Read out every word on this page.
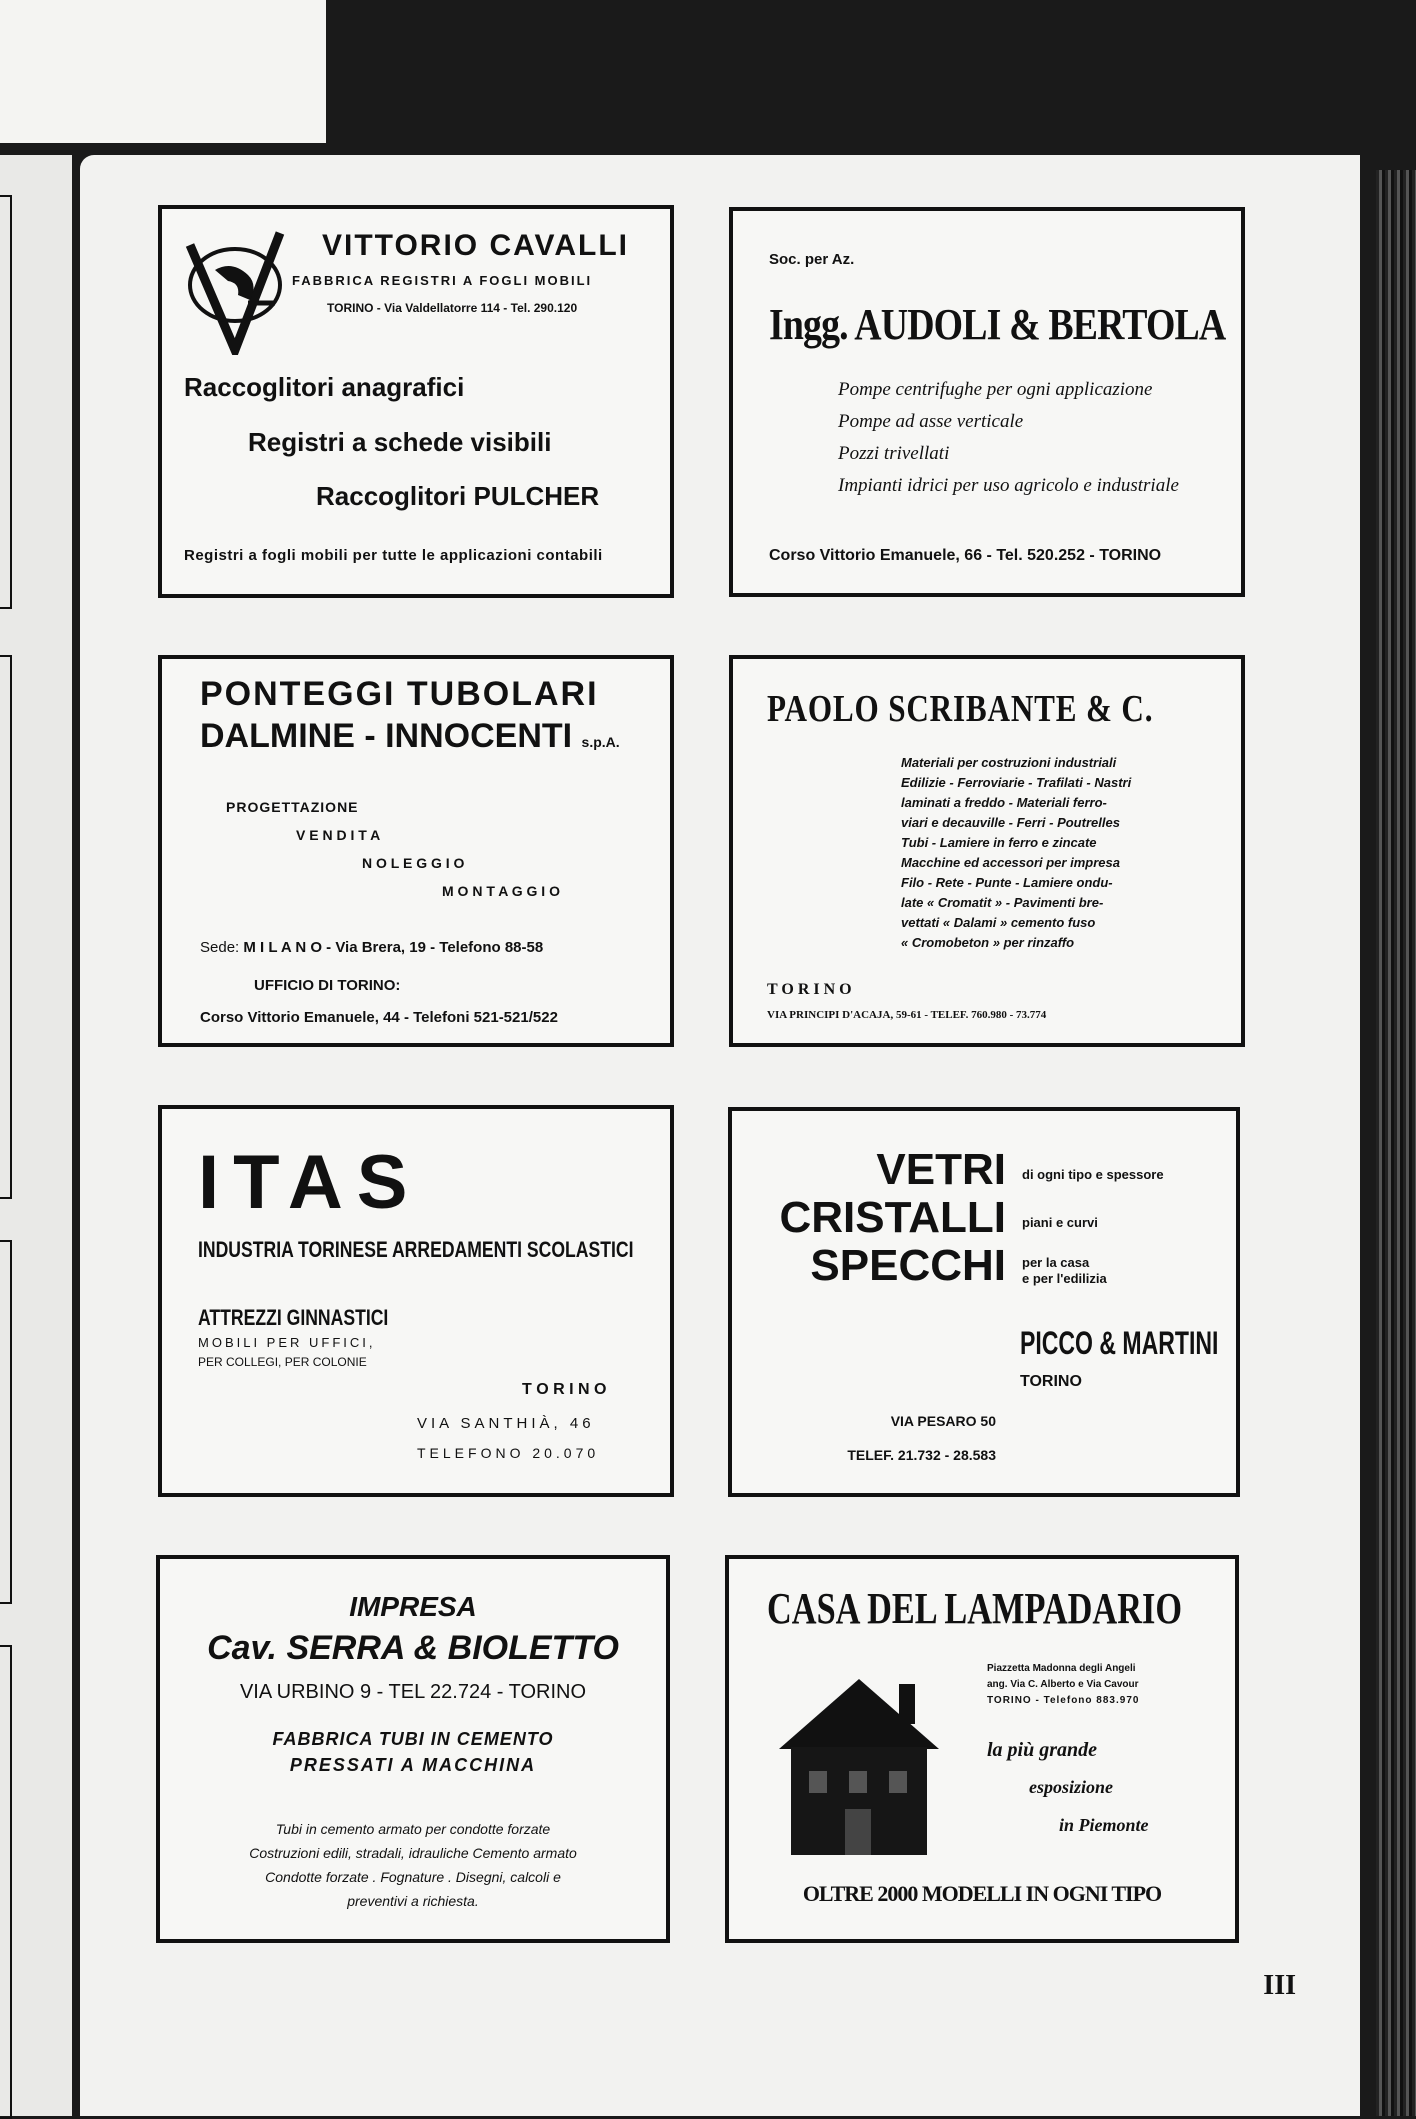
VITTORIO CAVALLI
FABBRICA REGISTRI A FOGLI MOBILI
TORINO - Via Valdellatorre 114 - Tel. 290.120
Raccoglitori anagrafici
Registri a schede visibili
Raccoglitori PULCHER
Registri a fogli mobili per tutte le applicazioni contabili
Soc. per Az.
Ingg. AUDOLI & BERTOLA
Pompe centrifughe per ogni applicazione
Pompe ad asse verticale
Pozzi trivellati
Impianti idrici per uso agricolo e industriale
Corso Vittorio Emanuele, 66 - Tel. 520.252 - TORINO
PONTEGGI TUBOLARI
DALMINE - INNOCENTI s.p.A.
PROGETTAZIONE
V E N D I T A
N O L E G G I O
M O N T A G G I O
Sede: M I L A N O - Via Brera, 19 - Telefono 88-58
UFFICIO DI TORINO:
Corso Vittorio Emanuele, 44 - Telefoni 521-521/522
PAOLO SCRIBANTE & C.
Materiali per costruzioni industriali
Edilizie - Ferroviarie - Trafilati - Nastri
laminati a freddo - Materiali ferro-
viari e decauville - Ferri - Poutrelles
Tubi - Lamiere in ferro e zincate
Macchine ed accessori per impresa
Filo - Rete - Punte - Lamiere ondu-
late « Cromatit » - Pavimenti bre-
vettati « Dalami » cemento fuso
« Cromobeton » per rinzaffo
T O R I N O
VIA PRINCIPI D'ACAJA, 59-61 - TELEF. 760.980 - 73.774
ITAS
INDUSTRIA TORINESE ARREDAMENTI SCOLASTICI
ATTREZZI GINNASTICI
MOBILI PER UFFICI,
PER COLLEGI, PER COLONIE
T O R I N O
VIA SANTHIÀ, 46
TELEFONO 20.070
VETRI
CRISTALLI
SPECCHI
di ogni tipo e spessore
piani e curvi
per la casa
e per l'edilizia
PICCO & MARTINI
TORINO
VIA PESARO 50
TELEF. 21.732 - 28.583
IMPRESA
Cav. SERRA & BIOLETTO
VIA URBINO 9 - TEL 22.724 - TORINO
FABBRICA TUBI IN CEMENTO
PRESSATI A MACCHINA
Tubi in cemento armato per condotte forzate
Costruzioni edili, stradali, idrauliche Cemento armato
Condotte forzate . Fognature . Disegni, calcoli e
preventivi a richiesta.
CASA DEL LAMPADARIO
Piazzetta Madonna degli Angeli
ang. Via C. Alberto e Via Cavour
TORINO - Telefono 883.970
la più grande
esposizione
in Piemonte
OLTRE 2000 MODELLI IN OGNI TIPO
III
